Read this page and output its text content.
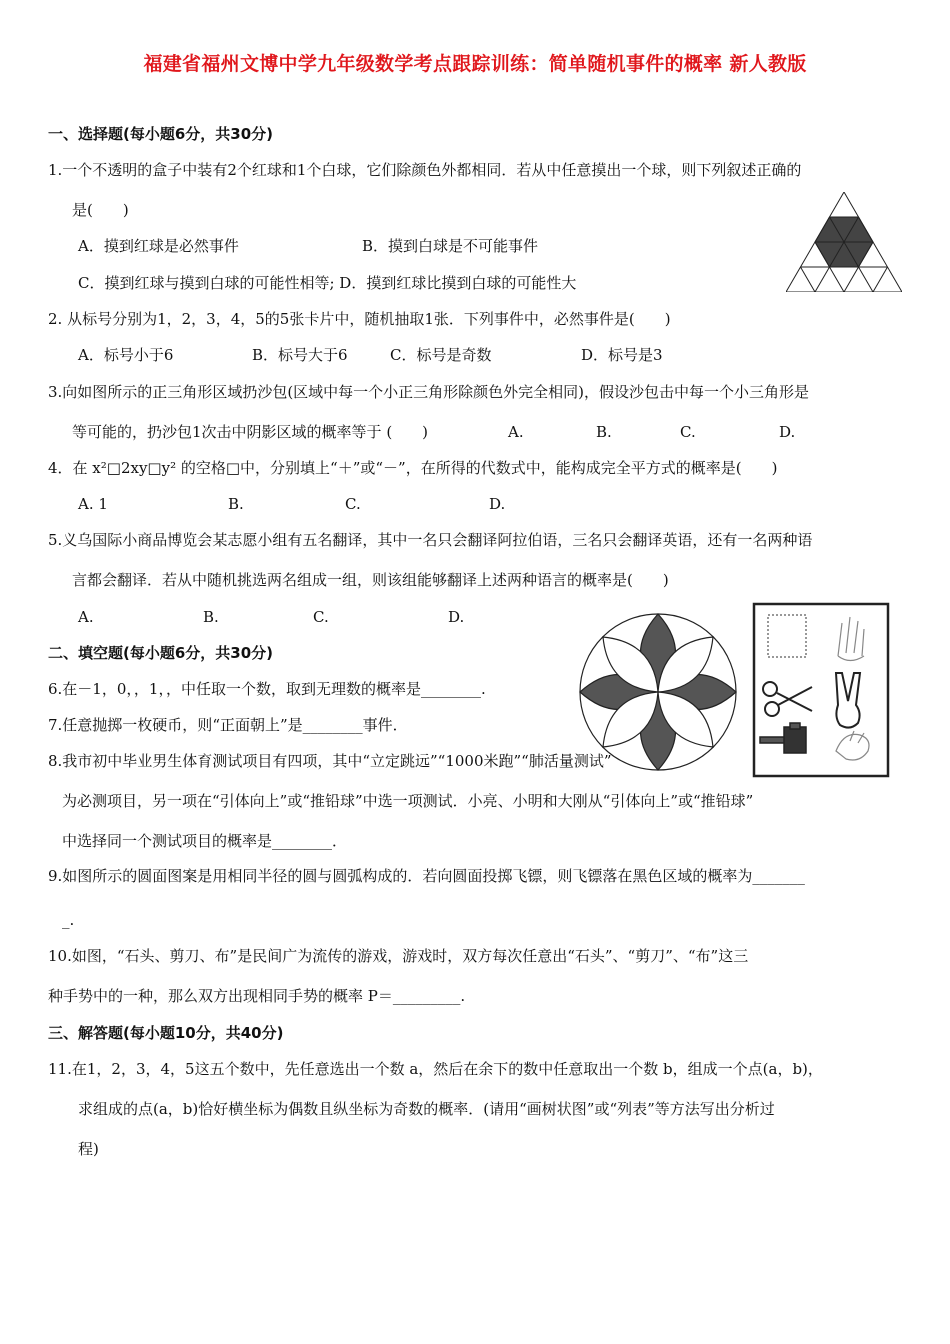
福建省福州文博中学九年级数学考点跟踪训练：简单随机事件的概率 新人教版
一、选择题(每小题6分，共30分)
1.一个不透明的盒子中装有2个红球和1个白球，它们除颜色外都相同．若从中任意摸出一个球，则下列叙述正确的
是(　　)
A．摸到红球是必然事件	B．摸到白球是不可能事件
C．摸到红球与摸到白球的可能性相等; D．摸到红球比摸到白球的可能性大
2. 从标号分别为1，2，3，4，5的5张卡片中，随机抽取1张．下列事件中，必然事件是(　　)
A．标号小于6	B．标号大于6	C．标号是奇数	D．标号是3
3.向如图所示的正三角形区域扔沙包(区域中每一个小正三角形除颜色外完全相同)，假设沙包击中每一个小三角形是
等可能的，扔沙包1次击中阴影区域的概率等于 (　　)	A.	B.	C.	D.
4．在 x²□2xy□y² 的空格□中，分别填上“＋”或“－”，在所得的代数式中，能构成完全平方式的概率是(　　)
A. 1	B.	C.	D.
5.义乌国际小商品博览会某志愿小组有五名翻译，其中一名只会翻译阿拉伯语，三名只会翻译英语，还有一名两种语
言都会翻译．若从中随机挑选两名组成一组，则该组能够翻译上述两种语言的概率是(　　)
A.	B.	C.	D.
二、填空题(每小题6分，共30分)
6.在－1，0，，1，，中任取一个数，取到无理数的概率是________.
7.任意抛掷一枚硬币，则“正面朝上”是________事件．
8.我市初中毕业男生体育测试项目有四项，其中“立定跳远”“1000米跑”“肺活量测试”
为必测项目，另一项在“引体向上”或“推铅球”中选一项测试．小亮、小明和大刚从“引体向上”或“推铅球”
中选择同一个测试项目的概率是________．
9.如图所示的圆面图案是用相同半径的圆与圆弧构成的．若向圆面投掷飞镖，则飞镖落在黑色区域的概率为_______
_.
10.如图，“石头、剪刀、布”是民间广为流传的游戏，游戏时，双方每次任意出“石头”、“剪刀”、“布”这三
种手势中的一种，那么双方出现相同手势的概率 P＝_________.
三、解答题(每小题10分，共40分)
11.在1，2，3，4，5这五个数中，先任意选出一个数 a，然后在余下的数中任意取出一个数 b，组成一个点(a，b)，
求组成的点(a，b)恰好横坐标为偶数且纵坐标为奇数的概率．(请用“画树状图”或“列表”等方法写出分析过
程)
